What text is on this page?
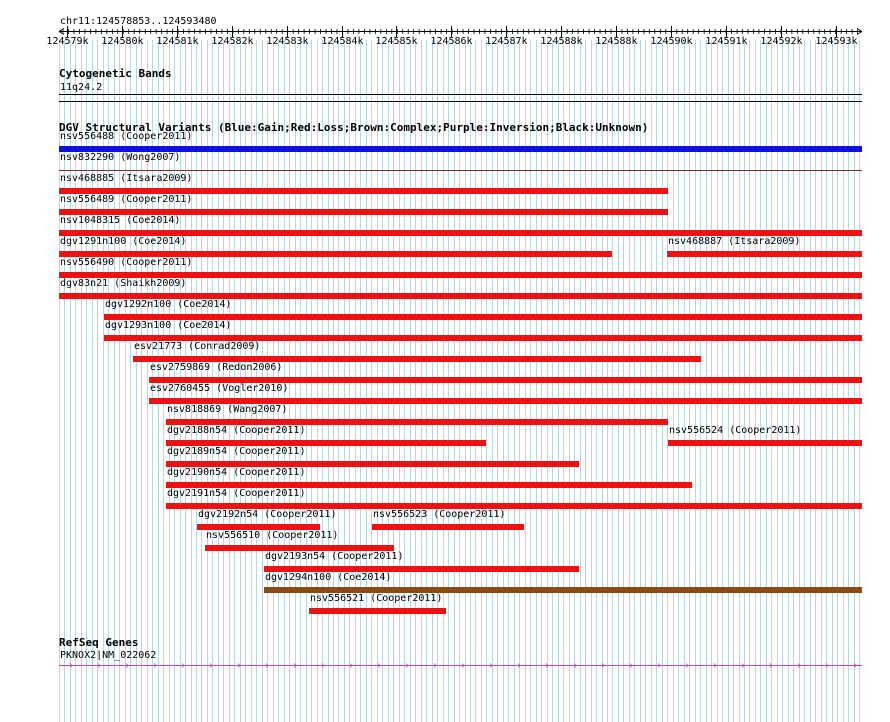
chr11:124578853..124593480
124579k 124580k 124581k 124582k 124583k 124584k 124585k 124586k 124587k 124588k 124588k 124590k 124591k 124592k 124593k
Cytogenetic Bands
11q24.2
DGV Structural Variants (Blue:Gain;Red:Loss;Brown:Complex;Purple:Inversion;Black:Unknown)
nsv556488 (Cooper2011)
nsv832290 (Wong2007)
nsv468885 (Itsara2009)
nsv556489 (Cooper2011)
nsv1048315 (Coe2014)
dgv1291n100 (Coe2014)	nsv468887 (Itsara2009)
nsv556490 (Cooper2011)
dgv83n21 (Shaikh2009)
dgv1292n100 (Coe2014)
dgv1293n100 (Coe2014)
esv21773 (Conrad2009)
esv2759869 (Redon2006)
esv2760455 (Vogler2010)
nsv818869 (Wang2007)
dgv2188n54 (Cooper2011)	nsv556524 (Cooper2011)
dgv2189n54 (Cooper2011)
dgv2190n54 (Cooper2011)
dgv2191n54 (Cooper2011)
dgv2192n54 (Cooper2011)	nsv556523 (Cooper2011)
nsv556510 (Cooper2011)
dgv2193n54 (Cooper2011)
dgv1294n100 (Coe2014)
nsv556521 (Cooper2011)
RefSeq Genes
PKNOX2|NM_022062
